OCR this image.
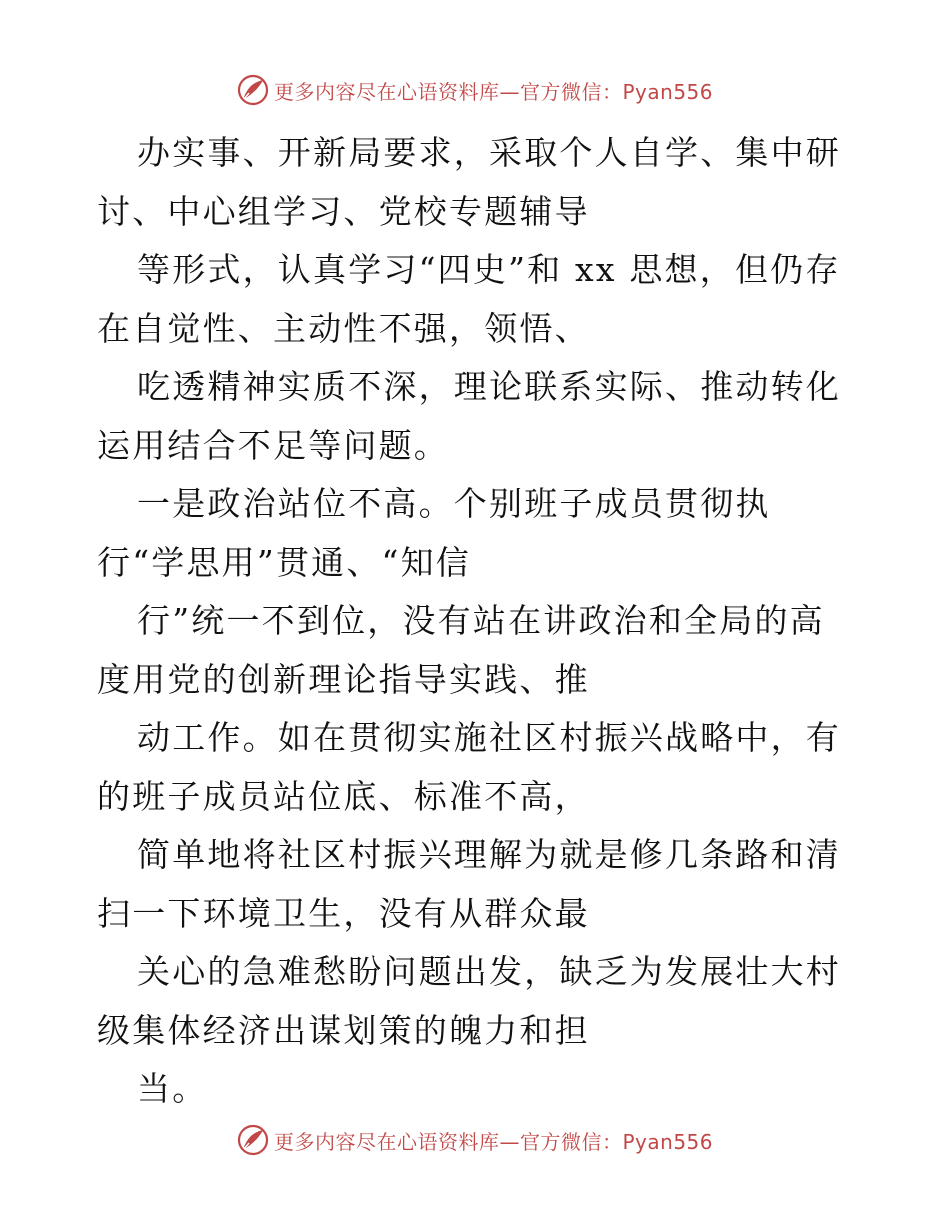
更多内容尽在心语资料库—官方微信：Pyan556

办实事、开新局要求，采取个人自学、集中研讨、中心组学习、党校专题辅导

等形式，认真学习“四史”和 xx 思想，但仍存在自觉性、主动性不强，领悟、

吃透精神实质不深，理论联系实际、推动转化运用结合不足等问题。

一是政治站位不高。个别班子成员贯彻执行“学思用”贯通、“知信

行”统一不到位，没有站在讲政治和全局的高度用党的创新理论指导实践、推

动工作。如在贯彻实施社区村振兴战略中，有的班子成员站位底、标准不高，

简单地将社区村振兴理解为就是修几条路和清扫一下环境卫生，没有从群众最

关心的急难愁盼问题出发，缺乏为发展壮大村级集体经济出谋划策的魄力和担

当。

更多内容尽在心语资料库—官方微信：Pyan556
